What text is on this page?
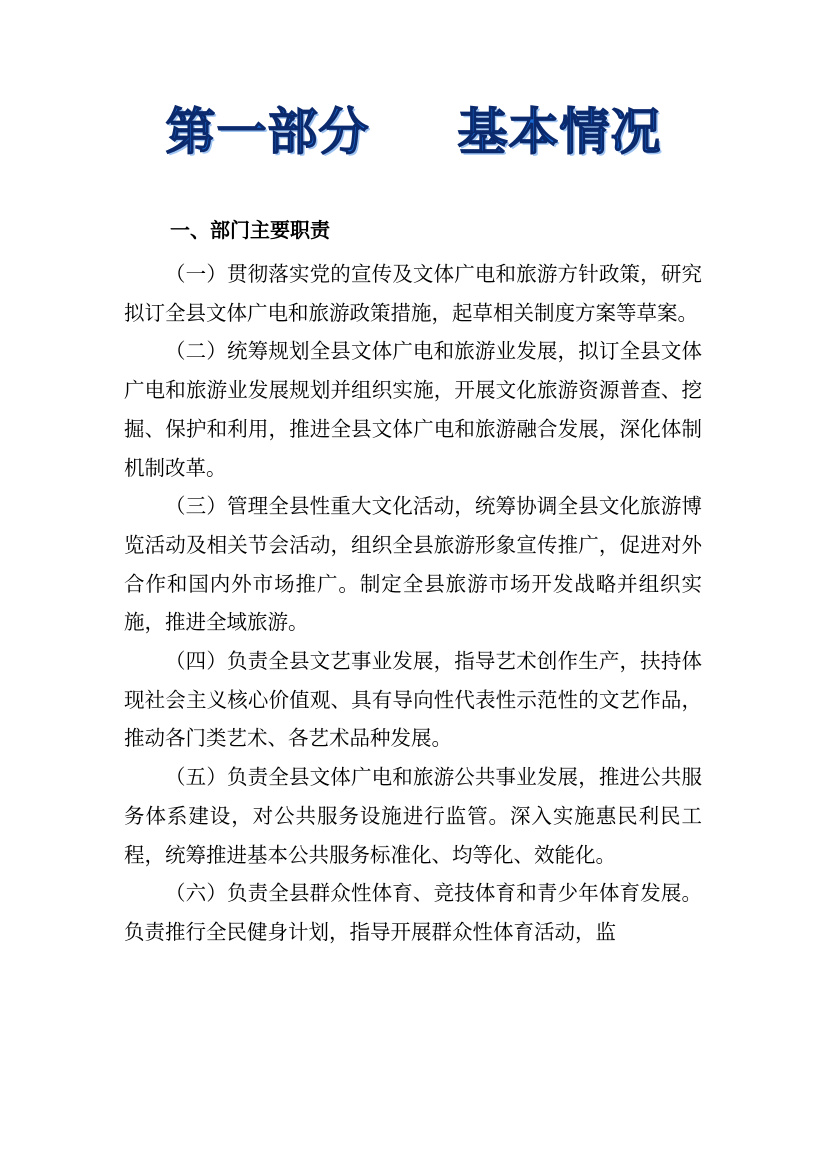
第一部分 基本情况
一、部门主要职责

（一）贯彻落实党的宣传及文体广电和旅游方针政策，研究拟订全县文体广电和旅游政策措施，起草相关制度方案等草案。

（二）统筹规划全县文体广电和旅游业发展，拟订全县文体广电和旅游业发展规划并组织实施，开展文化旅游资源普查、挖掘、保护和利用，推进全县文体广电和旅游融合发展，深化体制机制改革。

（三）管理全县性重大文化活动，统筹协调全县文化旅游博览活动及相关节会活动，组织全县旅游形象宣传推广，促进对外合作和国内外市场推广。制定全县旅游市场开发战略并组织实施，推进全域旅游。

（四）负责全县文艺事业发展，指导艺术创作生产，扶持体现社会主义核心价值观、具有导向性代表性示范性的文艺作品，推动各门类艺术、各艺术品种发展。

（五）负责全县文体广电和旅游公共事业发展，推进公共服务体系建设，对公共服务设施进行监管。深入实施惠民利民工程，统筹推进基本公共服务标准化、均等化、效能化。

（六）负责全县群众性体育、竞技体育和青少年体育发展。负责推行全民健身计划，指导开展群众性体育活动，监
